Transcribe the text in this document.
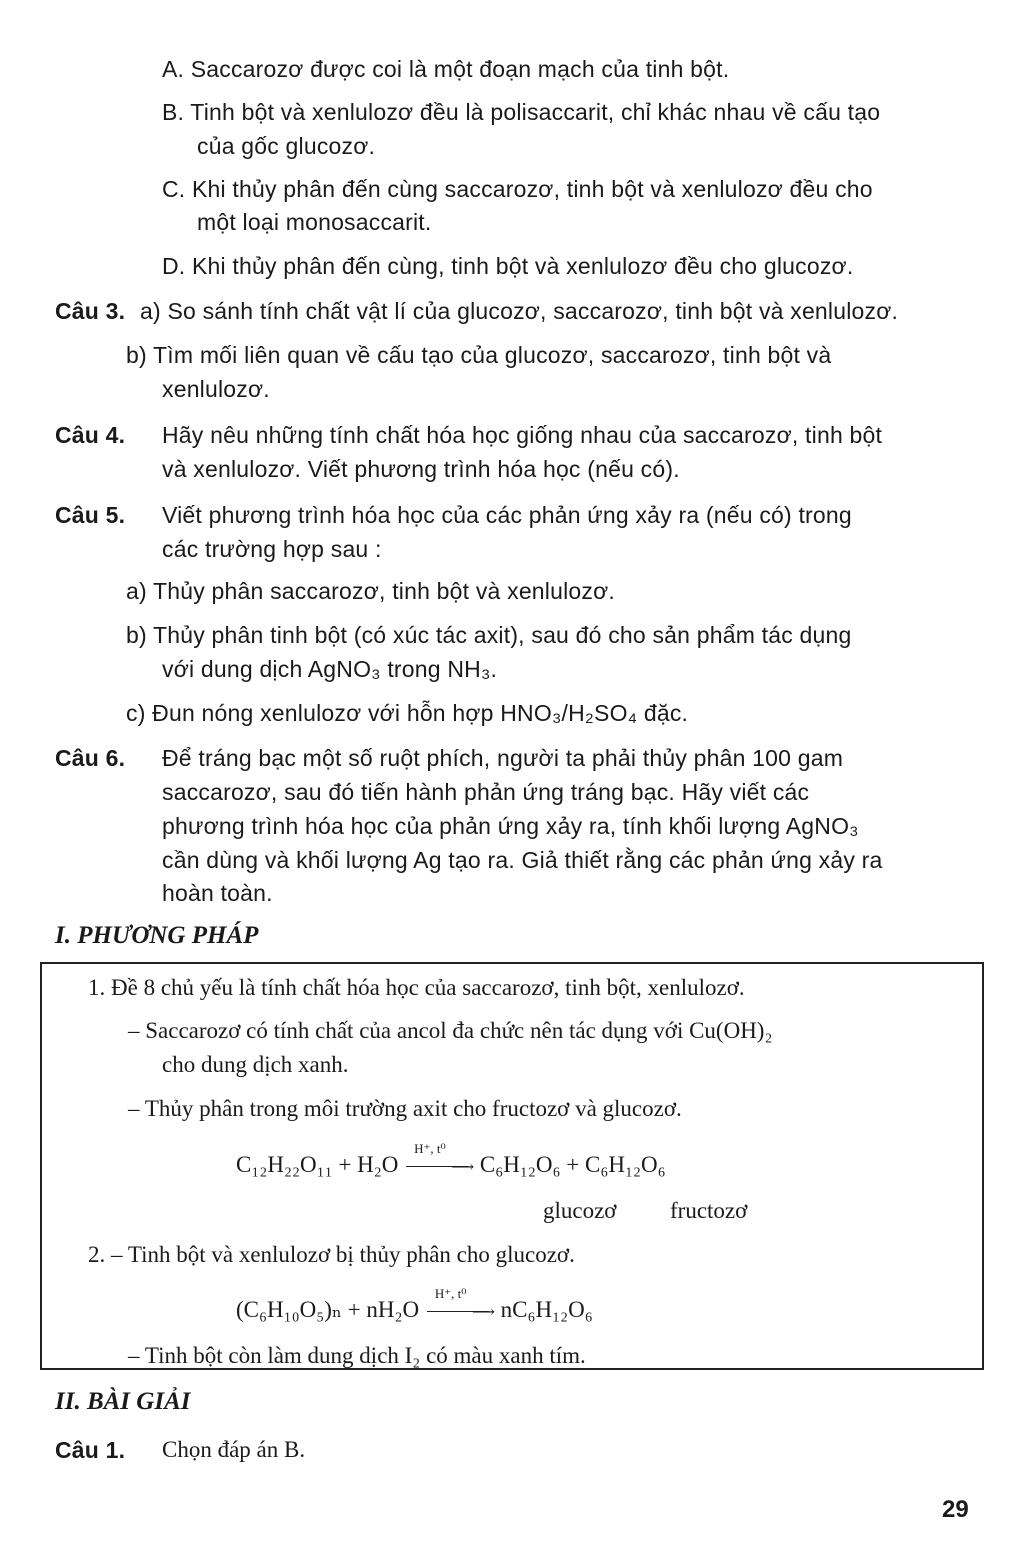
A. Saccarozơ được coi là một đoạn mạch của tinh bột.
B. Tinh bột và xenlulozơ đều là polisaccarit, chỉ khác nhau về cấu tạo
của gốc glucozơ.
C. Khi thủy phân đến cùng saccarozơ, tinh bột và xenlulozơ đều cho
một loại monosaccarit.
D. Khi thủy phân đến cùng, tinh bột và xenlulozơ đều cho glucozơ.
Câu 3. a) So sánh tính chất vật lí của glucozơ, saccarozơ, tinh bột và xenlulozơ.
b) Tìm mối liên quan về cấu tạo của glucozơ, saccarozơ, tinh bột và
xenlulozơ.
Câu 4. Hãy nêu những tính chất hóa học giống nhau của saccarozơ, tinh bột
và xenlulozơ. Viết phương trình hóa học (nếu có).
Câu 5. Viết phương trình hóa học của các phản ứng xảy ra (nếu có) trong
các trường hợp sau :
a) Thủy phân saccarozơ, tinh bột và xenlulozơ.
b) Thủy phân tinh bột (có xúc tác axit), sau đó cho sản phẩm tác dụng
với dung dịch AgNO₃ trong NH₃.
c) Đun nóng xenlulozơ với hỗn hợp HNO₃/H₂SO₄ đặc.
Câu 6. Để tráng bạc một số ruột phích, người ta phải thủy phân 100 gam
saccarozơ, sau đó tiến hành phản ứng tráng bạc. Hãy viết các
phương trình hóa học của phản ứng xảy ra, tính khối lượng AgNO₃
cần dùng và khối lượng Ag tạo ra. Giả thiết rằng các phản ứng xảy ra
hoàn toàn.
I. PHƯƠNG PHÁP
1. Đề 8 chủ yếu là tính chất hóa học của saccarozơ, tinh bột, xenlulozơ.
– Saccarozơ có tính chất của ancol đa chức nên tác dụng với Cu(OH)₂
cho dung dịch xanh.
– Thủy phân trong môi trường axit cho fructozơ và glucozơ.
C₁₂H₂₂O₁₁ + H₂O
H⁺, t⁰
⟶ C₆H₁₂O₆ + C₆H₁₂O₆
glucozơ fructozơ
2. – Tinh bột và xenlulozơ bị thủy phân cho glucozơ.
(C₆H₁₀O₅)ₙ + nH₂O
H⁺, t⁰
⟶ nC₆H₁₂O₆
– Tinh bột còn làm dung dịch I₂ có màu xanh tím.
II. BÀI GIẢI
Câu 1. Chọn đáp án B.
29
